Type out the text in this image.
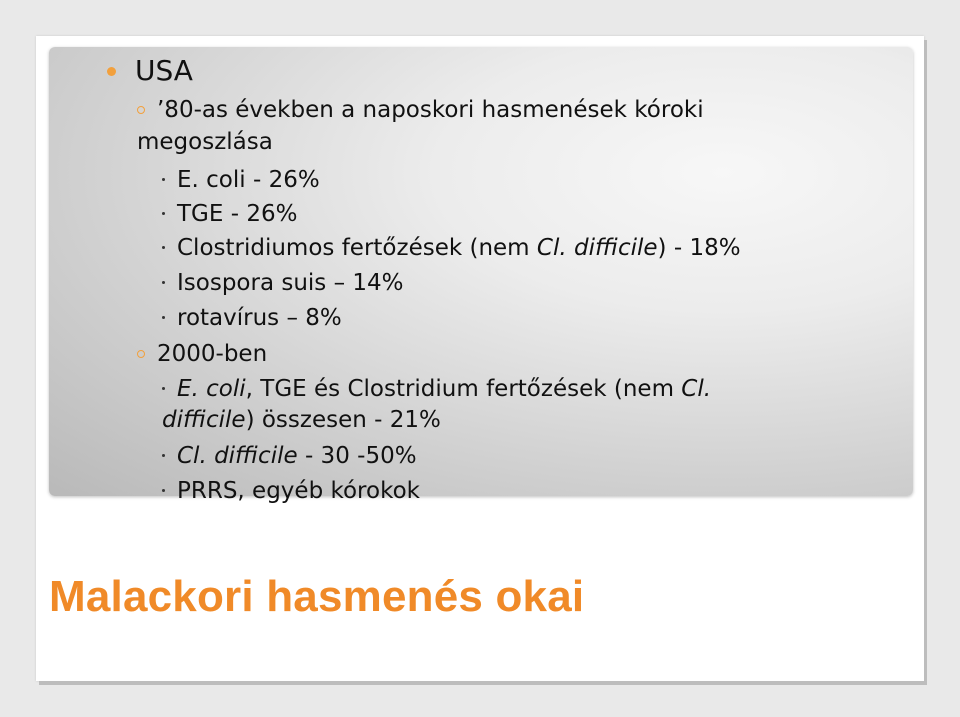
USA
’80-as években a naposkori hasmenések kóroki
megoszlása
E. coli - 26%
TGE - 26%
Clostridiumos fertőzések (nem Cl. difficile) - 18%
Isospora suis – 14%
rotavírus – 8%
2000-ben
E. coli, TGE és Clostridium fertőzések (nem Cl.
difficile) összesen - 21%
Cl. difficile - 30 -50%
PRRS, egyéb kórokok
Malackori hasmenés okai
